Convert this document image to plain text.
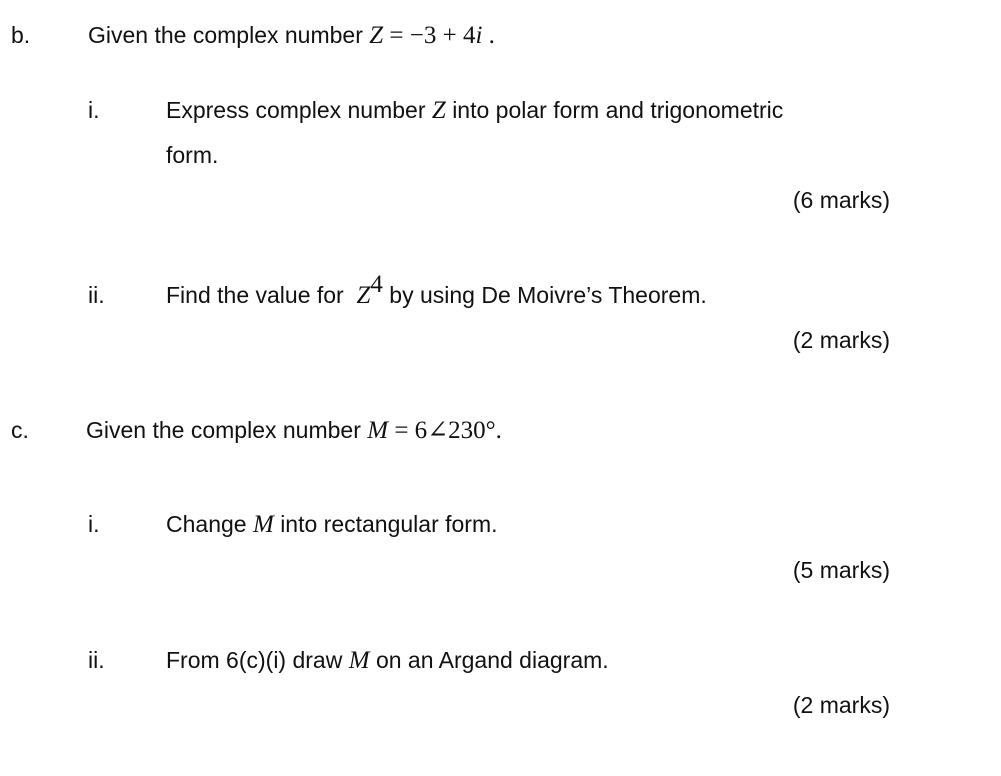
b.	Given the complex number Z = −3 + 4i .
i.	Express complex number Z into polar form and trigonometric
form.
(6 marks)
ii.	Find the value for $Z^4$ by using De Moivre’s Theorem.
(2 marks)
c. Given the complex number M = 6∠230°.
i.	Change M into rectangular form.
(5 marks)
ii.	From 6(c)(i) draw M on an Argand diagram.
(2 marks)
